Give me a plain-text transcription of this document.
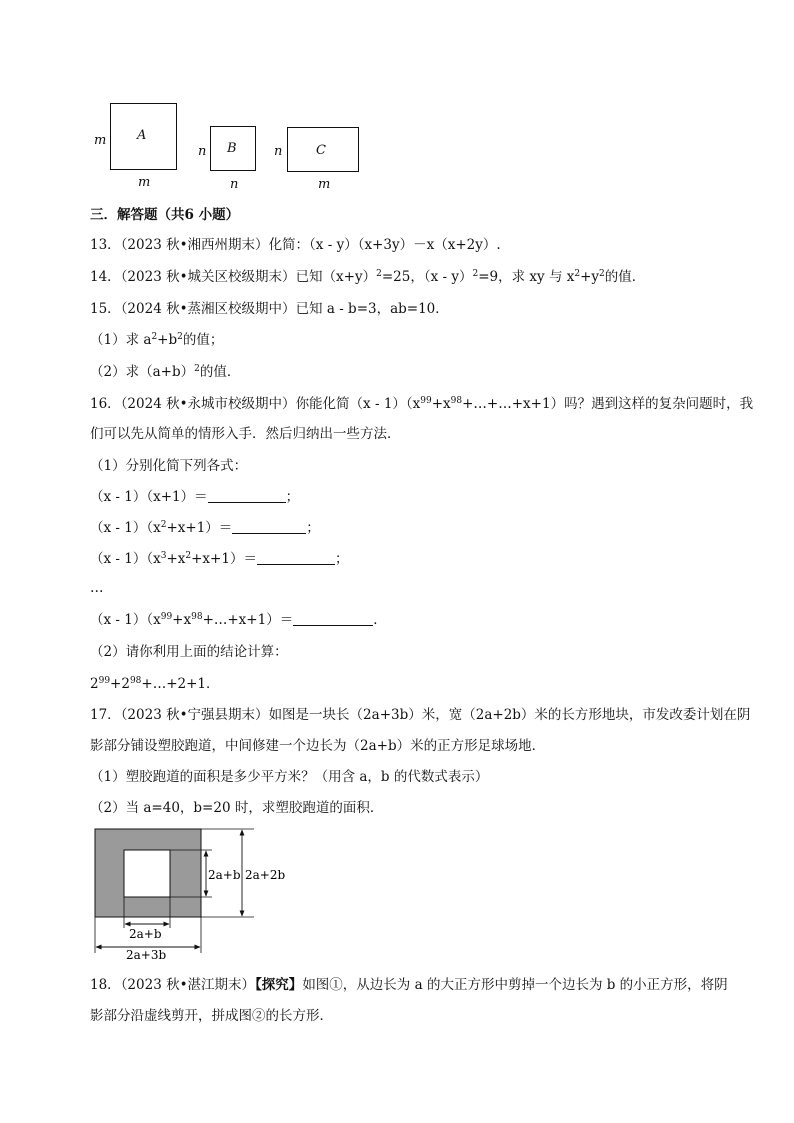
A
m
m
B
n
n
C
n
m
三．解答题（共6 小题）
13．（2023 秋•湘西州期末）化简：（x - y）（x+3y）－x（x+2y）.
14．（2023 秋•城关区校级期末）已知$(x+y)^2=25$，（x - y）$^2$=9，求 xy 与 $x^2+y^2$的值．
15．（2024 秋•蒸湘区校级期中）已知 a - b=3，ab=10．
（1）求 $a^2+b^2$的值；
（2）求$(a+b)^2$的值．
16．（2024 秋•永城市校级期中）你能化简$(x - 1)(x^{99}+x^{98}+\dots+\dots+x+1)$吗？遇到这样的复杂问题时，我
们可以先从简单的情形入手．然后归纳出一些方法．
（1）分别化简下列各式：
（x - 1）（x+1）＝	；
$(x - 1)(x^2+x+1)=$	；
$(x - 1)(x^3+x^2+x+1)=$	；
…
$(x - 1)(x^{99}+x^{98}+\dots+x+1)=$	．
（2）请你利用上面的结论计算：
$2^{99}+2^{98}+\dots+2+1$．
17．（2023 秋•宁强县期末）如图是一块长（2a+3b）米，宽（2a+2b）米的长方形地块，市发改委计划在阴
影部分铺设塑胶跑道，中间修建一个边长为（2a+b）米的正方形足球场地．
（1）塑胶跑道的面积是多少平方米？（用含 a，b 的代数式表示）
（2）当 a=40，b=20 时，求塑胶跑道的面积．
2a+b 2a+2b
2a+b
2a+3b
18．（2023 秋•湛江期末）【探究】如图①，从边长为 a 的大正方形中剪掉一个边长为 b 的小正方形，将阴
影部分沿虚线剪开，拼成图②的长方形．
